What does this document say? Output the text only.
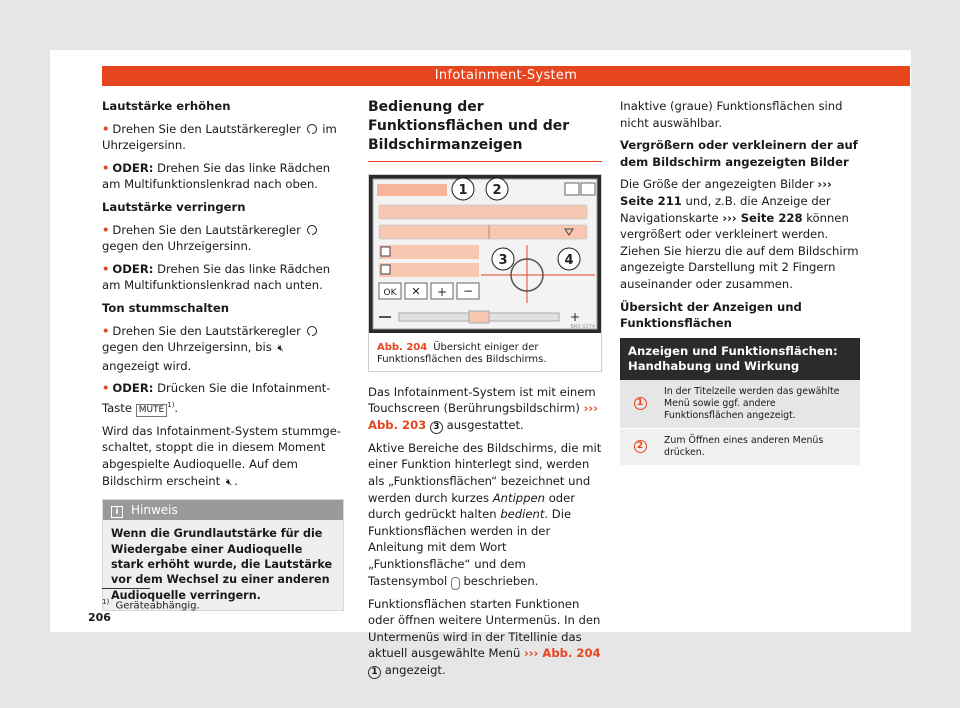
Infotainment-System
Lautstärke erhöhen
• Drehen Sie den Lautstärkeregler im Uhrzeigersinn.
• ODER: Drehen Sie das linke Rädchen am Multifunktionslenkrad nach oben.
Lautstärke verringern
• Drehen Sie den Lautstärkeregler  gegen den Uhrzeigersinn.
• ODER: Drehen Sie das linke Rädchen am Multifunktionslenkrad nach unten.
Ton stummschalten
• Drehen Sie den Lautstärkeregler  gegen den Uhrzeigersinn, bis 🔇︎ angezeigt wird.
• ODER: Drücken Sie die Infotainment-Taste MUTE $^{1)}$.
Wird das Infotainment-System stummgeschaltet, stoppt die in diesem Moment abgespielte Audioquelle. Auf dem Bildschirm erscheint 🔇︎ .
i Hinweis
Wenn die Grundlautstärke für die Wiedergabe einer Audioquelle stark erhöht wurde, die Lautstärke vor dem Wechsel zu einer anderen Audioquelle verringern.
Bedienung der Funktionsflächen und der Bildschirmanzeigen
OK ✕ + −
+
1 2
3	4
BRS-0274
Abb. 204 Übersicht einiger der Funktionsflächen des Bildschirms.
Das Infotainment-System ist mit einem Touchscreen (Berührungsbildschirm) ››› Abb. 203 3 ausgestattet.
Aktive Bereiche des Bildschirms, die mit einer Funktion hinterlegt sind, werden als „Funktionsflächen“ bezeichnet und werden durch kurzes Antippen oder durch gedrückt halten bedient. Die Funktionsflächen werden in der Anleitung mit dem Wort „Funktionsfläche“ und dem Tastensymbol beschrieben.
Funktionsflächen starten Funktionen oder öffnen weitere Untermenüs. In den Untermenüs wird in der Titellinie das aktuell ausgewählte Menü ››› Abb. 204 1 angezeigt.
Inaktive (graue) Funktionsflächen sind nicht auswählbar.
Vergrößern oder verkleinern der auf dem Bildschirm angezeigten Bilder
Die Größe der angezeigten Bilder ››› Seite 211 und, z.B. die Anzeige der Navigationskarte ››› Seite 228 können vergrößert oder verkleinert werden. Ziehen Sie hierzu die auf dem Bildschirm angezeigte Darstellung mit 2 Fingern auseinander oder zusammen.
Übersicht der Anzeigen und Funktionsflächen
Anzeigen und Funktionsflächen: Handhabung und Wirkung
1
In der Titelzeile werden das gewählte Menü sowie ggf. andere Funktionsflächen angezeigt.
2
Zum Öffnen eines anderen Menüs drücken.
$^{1)}$ Geräteabhängig.
206
